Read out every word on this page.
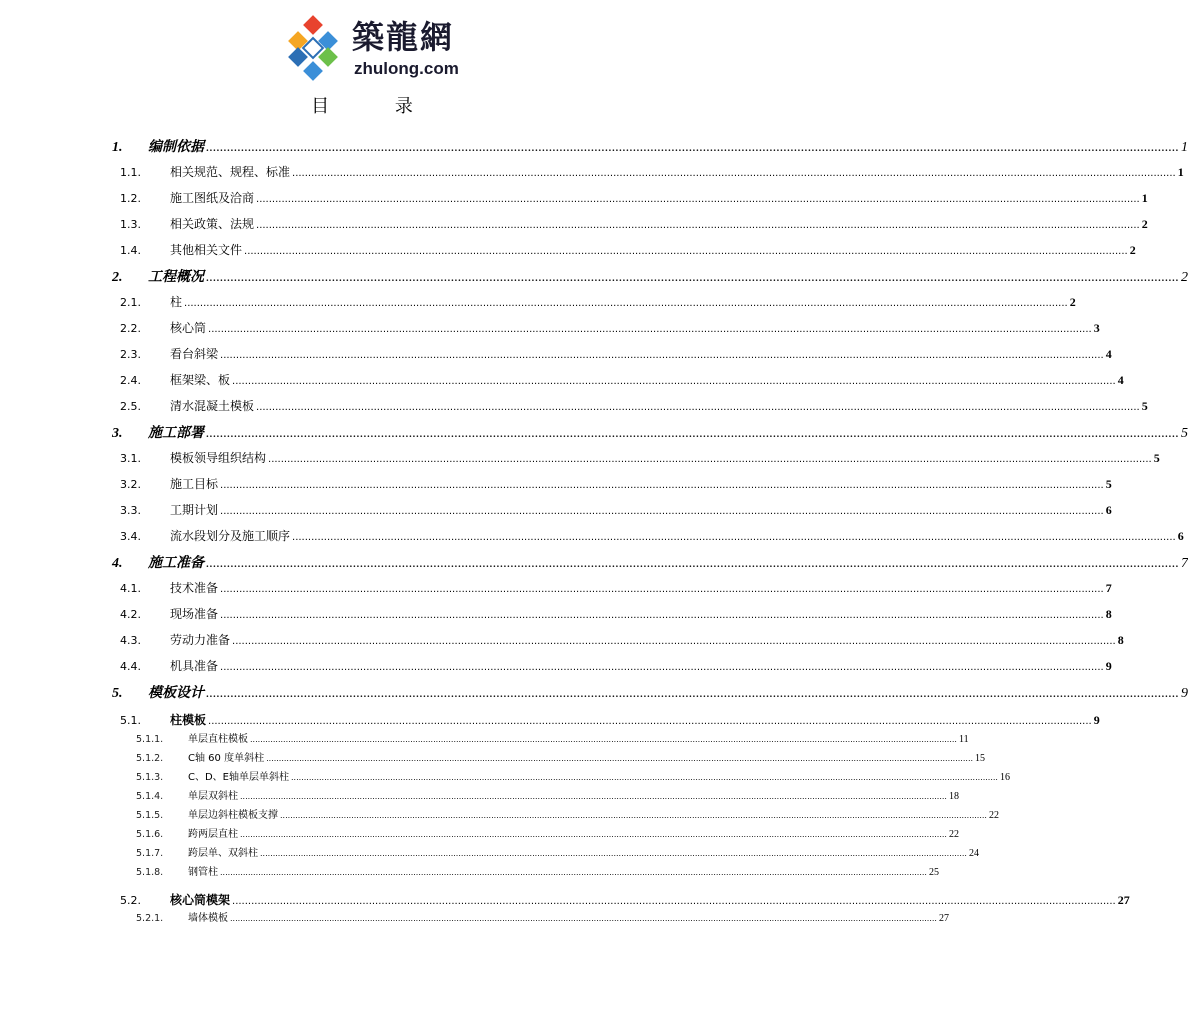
築龍網
zhulong.com
目 录
1.	编制依据 ...................................................................................................................................................................................................................................................................................... 1
1.1.	相关规范、规程、标准 ...................................................................................................................................................................................................................................................................................... 1
1.2.	施工图纸及洽商 ...................................................................................................................................................................................................................................................................................... 1
1.3.	相关政策、法规 ...................................................................................................................................................................................................................................................................................... 2
1.4.	其他相关文件 ...................................................................................................................................................................................................................................................................................... 2
2.	工程概况 ...................................................................................................................................................................................................................................................................................... 2
2.1.	柱 ...................................................................................................................................................................................................................................................................................... 2
2.2.	核心筒 ...................................................................................................................................................................................................................................................................................... 3
2.3.	看台斜梁 ...................................................................................................................................................................................................................................................................................... 4
2.4.	框架梁、板 ...................................................................................................................................................................................................................................................................................... 4
2.5.	清水混凝土模板 ...................................................................................................................................................................................................................................................................................... 5
3.	施工部署 ...................................................................................................................................................................................................................................................................................... 5
3.1.	模板领导组织结构 ...................................................................................................................................................................................................................................................................................... 5
3.2.	施工目标 ...................................................................................................................................................................................................................................................................................... 5
3.3.	工期计划 ...................................................................................................................................................................................................................................................................................... 6
3.4.	流水段划分及施工顺序 ...................................................................................................................................................................................................................................................................................... 6
4.	施工准备 ...................................................................................................................................................................................................................................................................................... 7
4.1.	技术准备 ...................................................................................................................................................................................................................................................................................... 7
4.2.	现场准备 ...................................................................................................................................................................................................................................................................................... 8
4.3.	劳动力准备 ...................................................................................................................................................................................................................................................................................... 8
4.4.	机具准备 ...................................................................................................................................................................................................................................................................................... 9
5.	模板设计 ...................................................................................................................................................................................................................................................................................... 9
5.1.	柱模板 ...................................................................................................................................................................................................................................................................................... 9
5.1.1.	单层直柱模板 ...................................................................................................................................................................................................................................................................................... 11
5.1.2.	C轴 60 度单斜柱 ...................................................................................................................................................................................................................................................................................... 15
5.1.3.	C、D、E轴单层单斜柱 ...................................................................................................................................................................................................................................................................................... 16
5.1.4.	单层双斜柱 ...................................................................................................................................................................................................................................................................................... 18
5.1.5.	单层边斜柱模板支撑 ...................................................................................................................................................................................................................................................................................... 22
5.1.6.	跨两层直柱 ...................................................................................................................................................................................................................................................................................... 22
5.1.7.	跨层单、双斜柱 ...................................................................................................................................................................................................................................................................................... 24
5.1.8.	钢管柱 ...................................................................................................................................................................................................................................................................................... 25
5.2.	核心筒模架 ...................................................................................................................................................................................................................................................................................... 27
5.2.1.	墙体模板 ...................................................................................................................................................................................................................................................................................... 27
